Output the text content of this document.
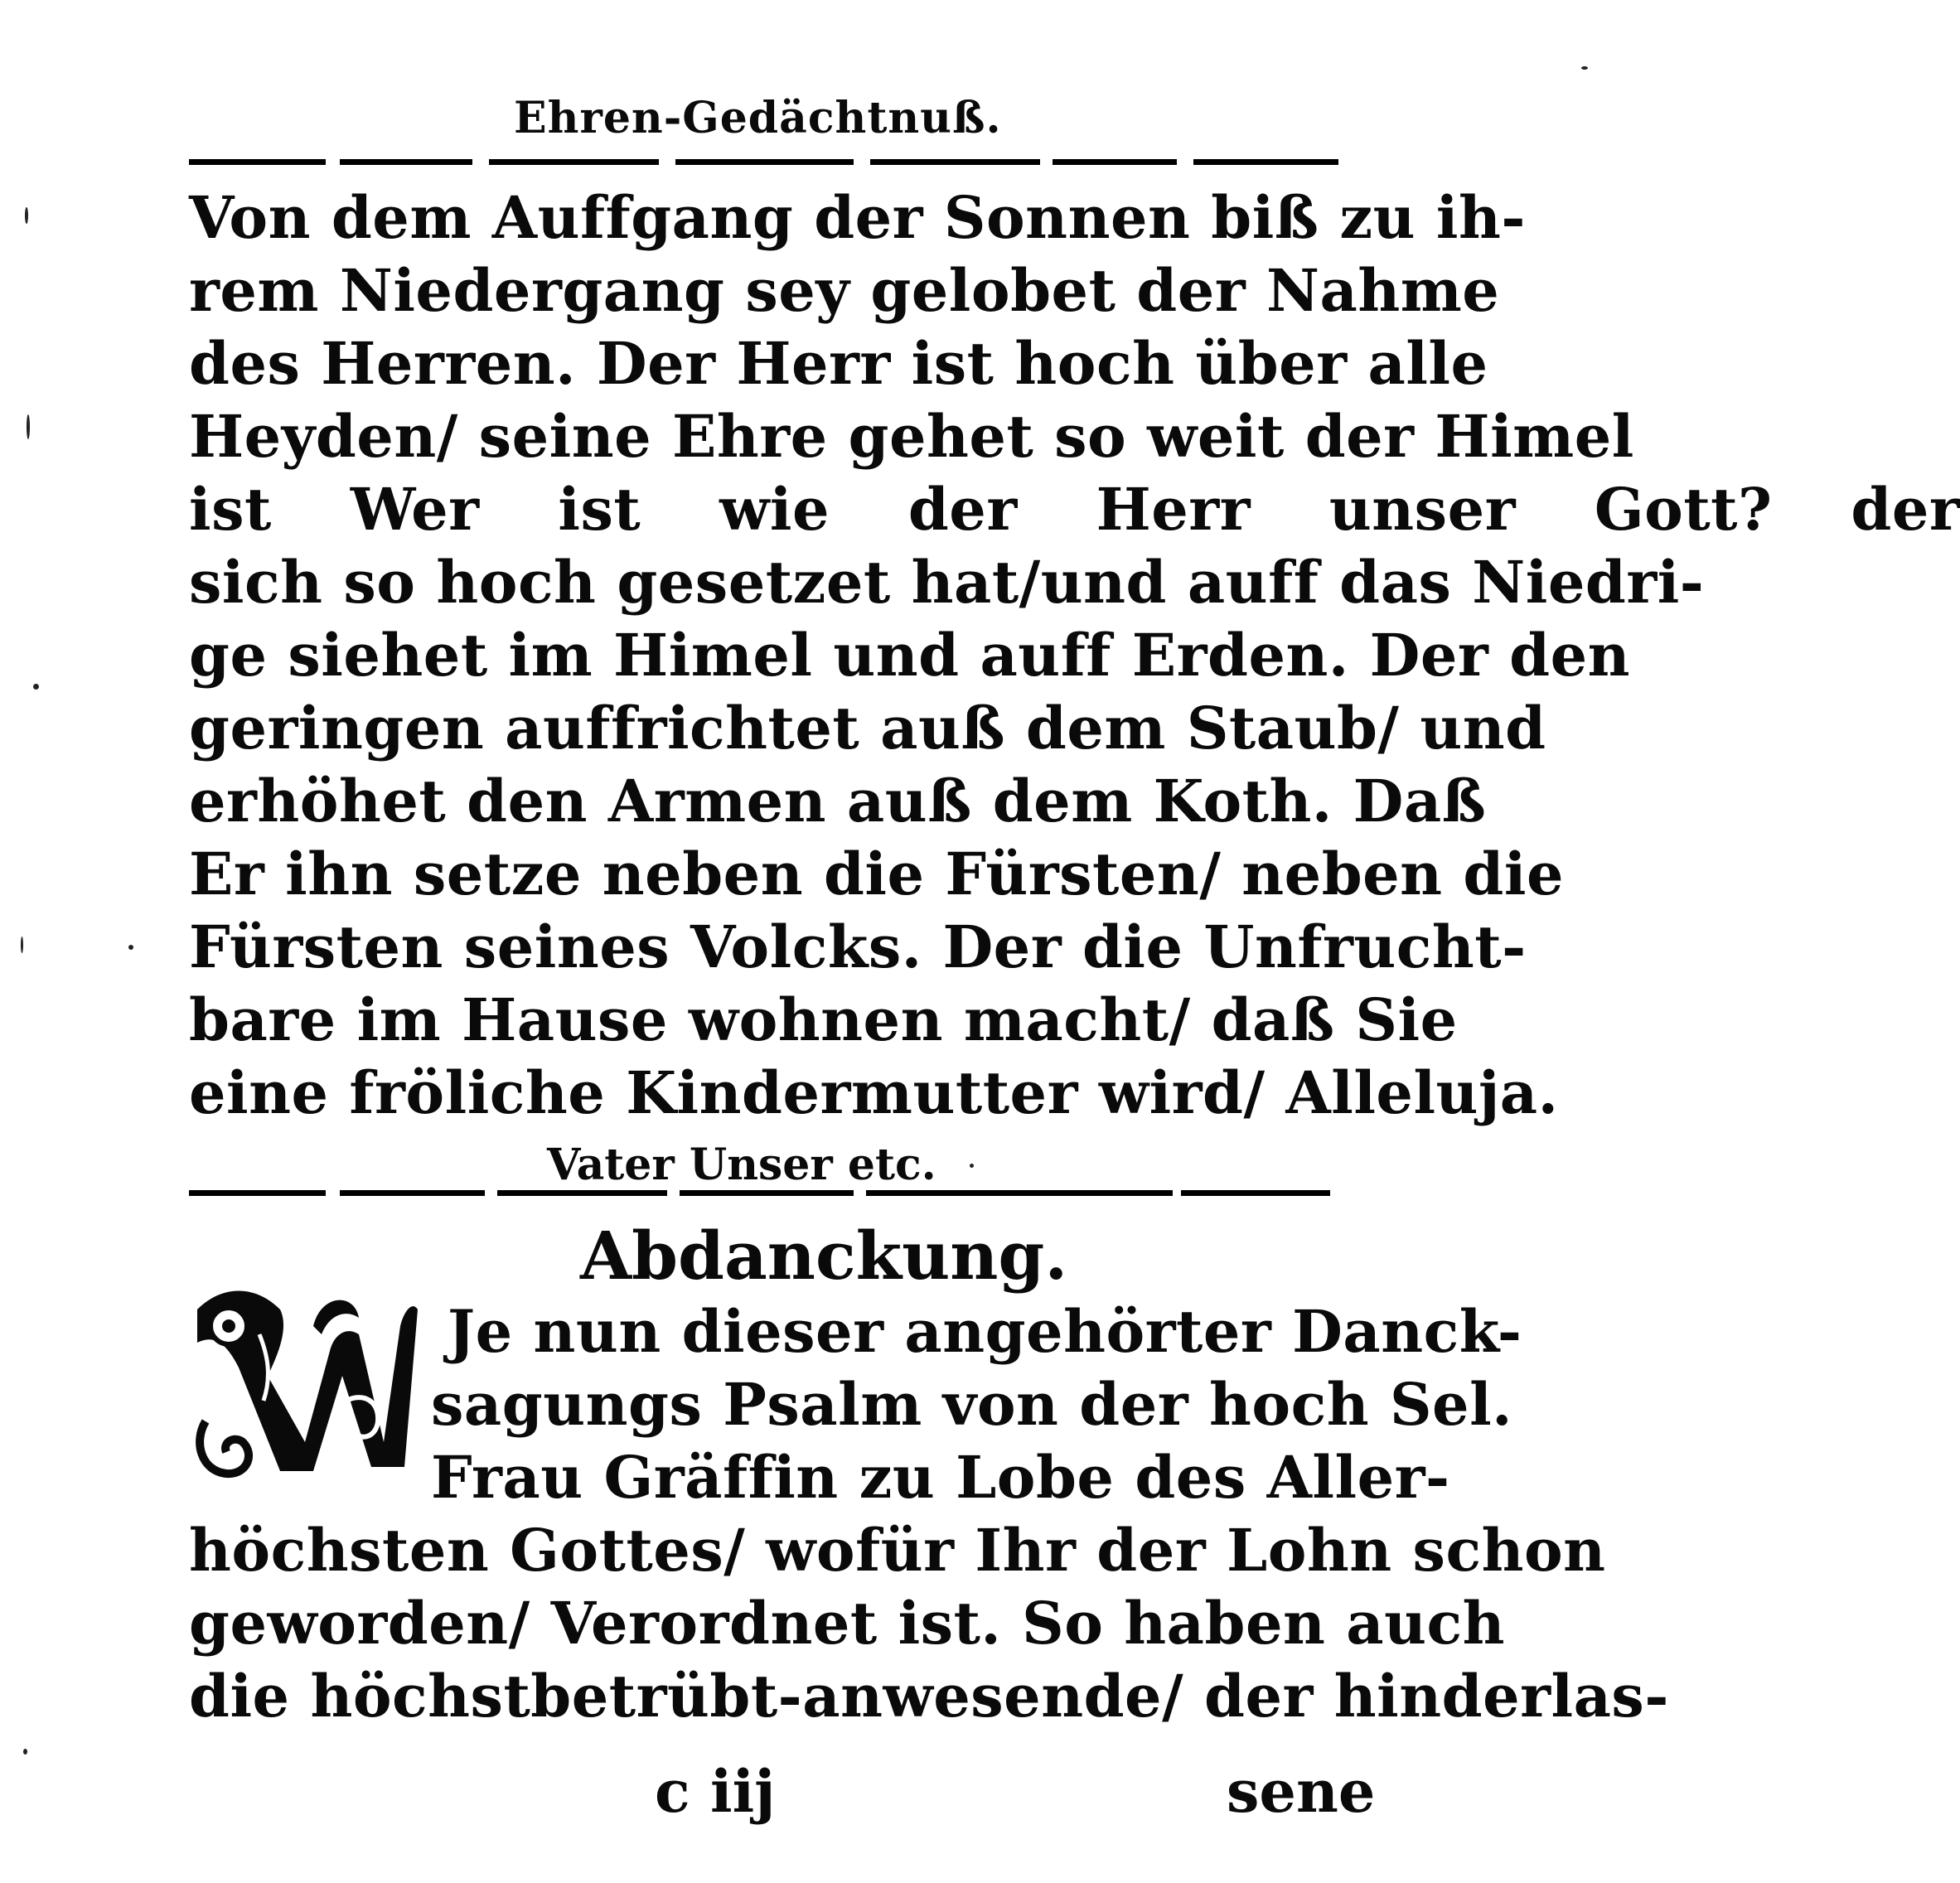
Ehren-Gedächtnuß.
Von dem Auffgang der Sonnen biß zu ih-
rem Niedergang sey gelobet der Nahme
des Herren. Der Herr ist hoch über alle
Heyden/ seine Ehre gehet so weit der Himel
ist Wer ist wie der Herr unser Gott? der
sich so hoch gesetzet hat/und auff das Niedri-
ge siehet im Himel und auff Erden. Der den
geringen auffrichtet auß dem Staub/ und
erhöhet den Armen auß dem Koth. Daß
Er ihn setze neben die Fürsten/ neben die
Fürsten seines Volcks. Der die Unfrucht-
bare im Hause wohnen macht/ daß Sie
eine fröliche Kindermutter wird/ Alleluja.
Vater Unser etc.
Abdanckung.
Je nun dieser angehörter Danck-
sagungs Psalm von der hoch Sel.
Frau Gräffin zu Lobe des Aller-
höchsten Gottes/ wofür Ihr der Lohn schon
geworden/ Verordnet ist. So haben auch
die höchstbetrübt-anwesende/ der hinderlas-
c iij	sene
